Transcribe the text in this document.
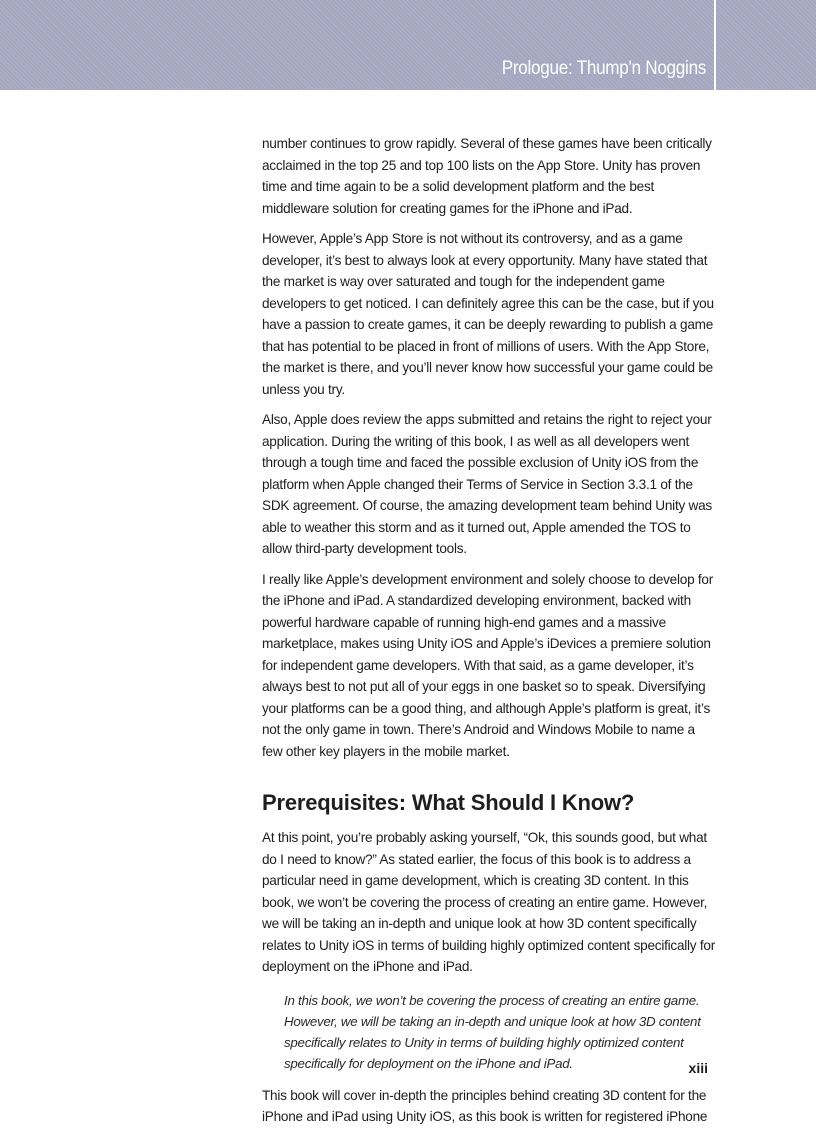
Prologue: Thump'n Noggins

number continues to grow rapidly. Several of these games have been critically acclaimed in the top 25 and top 100 lists on the App Store. Unity has proven time and time again to be a solid development platform and the best middleware solution for creating games for the iPhone and iPad.

However, Apple’s App Store is not without its controversy, and as a game developer, it’s best to always look at every opportunity. Many have stated that the market is way over saturated and tough for the independent game developers to get noticed. I can definitely agree this can be the case, but if you have a passion to create games, it can be deeply rewarding to publish a game that has potential to be placed in front of millions of users. With the App Store, the market is there, and you’ll never know how successful your game could be unless you try.

Also, Apple does review the apps submitted and retains the right to reject your application. During the writing of this book, I as well as all developers went through a tough time and faced the possible exclusion of Unity iOS from the platform when Apple changed their Terms of Service in Section 3.3.1 of the SDK agreement. Of course, the amazing development team behind Unity was able to weather this storm and as it turned out, Apple amended the TOS to allow third-party development tools.

I really like Apple’s development environment and solely choose to develop for the iPhone and iPad. A standardized developing environment, backed with powerful hardware capable of running high-end games and a massive marketplace, makes using Unity iOS and Apple’s iDevices a premiere solution for independent game developers. With that said, as a game developer, it’s always best to not put all of your eggs in one basket so to speak. Diversifying your platforms can be a good thing, and although Apple’s platform is great, it’s not the only game in town. There’s Android and Windows Mobile to name a few other key players in the mobile market.

Prerequisites: What Should I Know?

At this point, you’re probably asking yourself, “Ok, this sounds good, but what do I need to know?” As stated earlier, the focus of this book is to address a particular need in game development, which is creating 3D content. In this book, we won’t be covering the process of creating an entire game. However, we will be taking an in-depth and unique look at how 3D content specifically relates to Unity iOS in terms of building highly optimized content specifically for deployment on the iPhone and iPad.

In this book, we won’t be covering the process of creating an entire game. However, we will be taking an in-depth and unique look at how 3D content specifically relates to Unity in terms of building highly optimized content specifically for deployment on the iPhone and iPad.

This book will cover in-depth the principles behind creating 3D content for the iPhone and iPad using Unity iOS, as this book is written for registered iPhone

xiii
